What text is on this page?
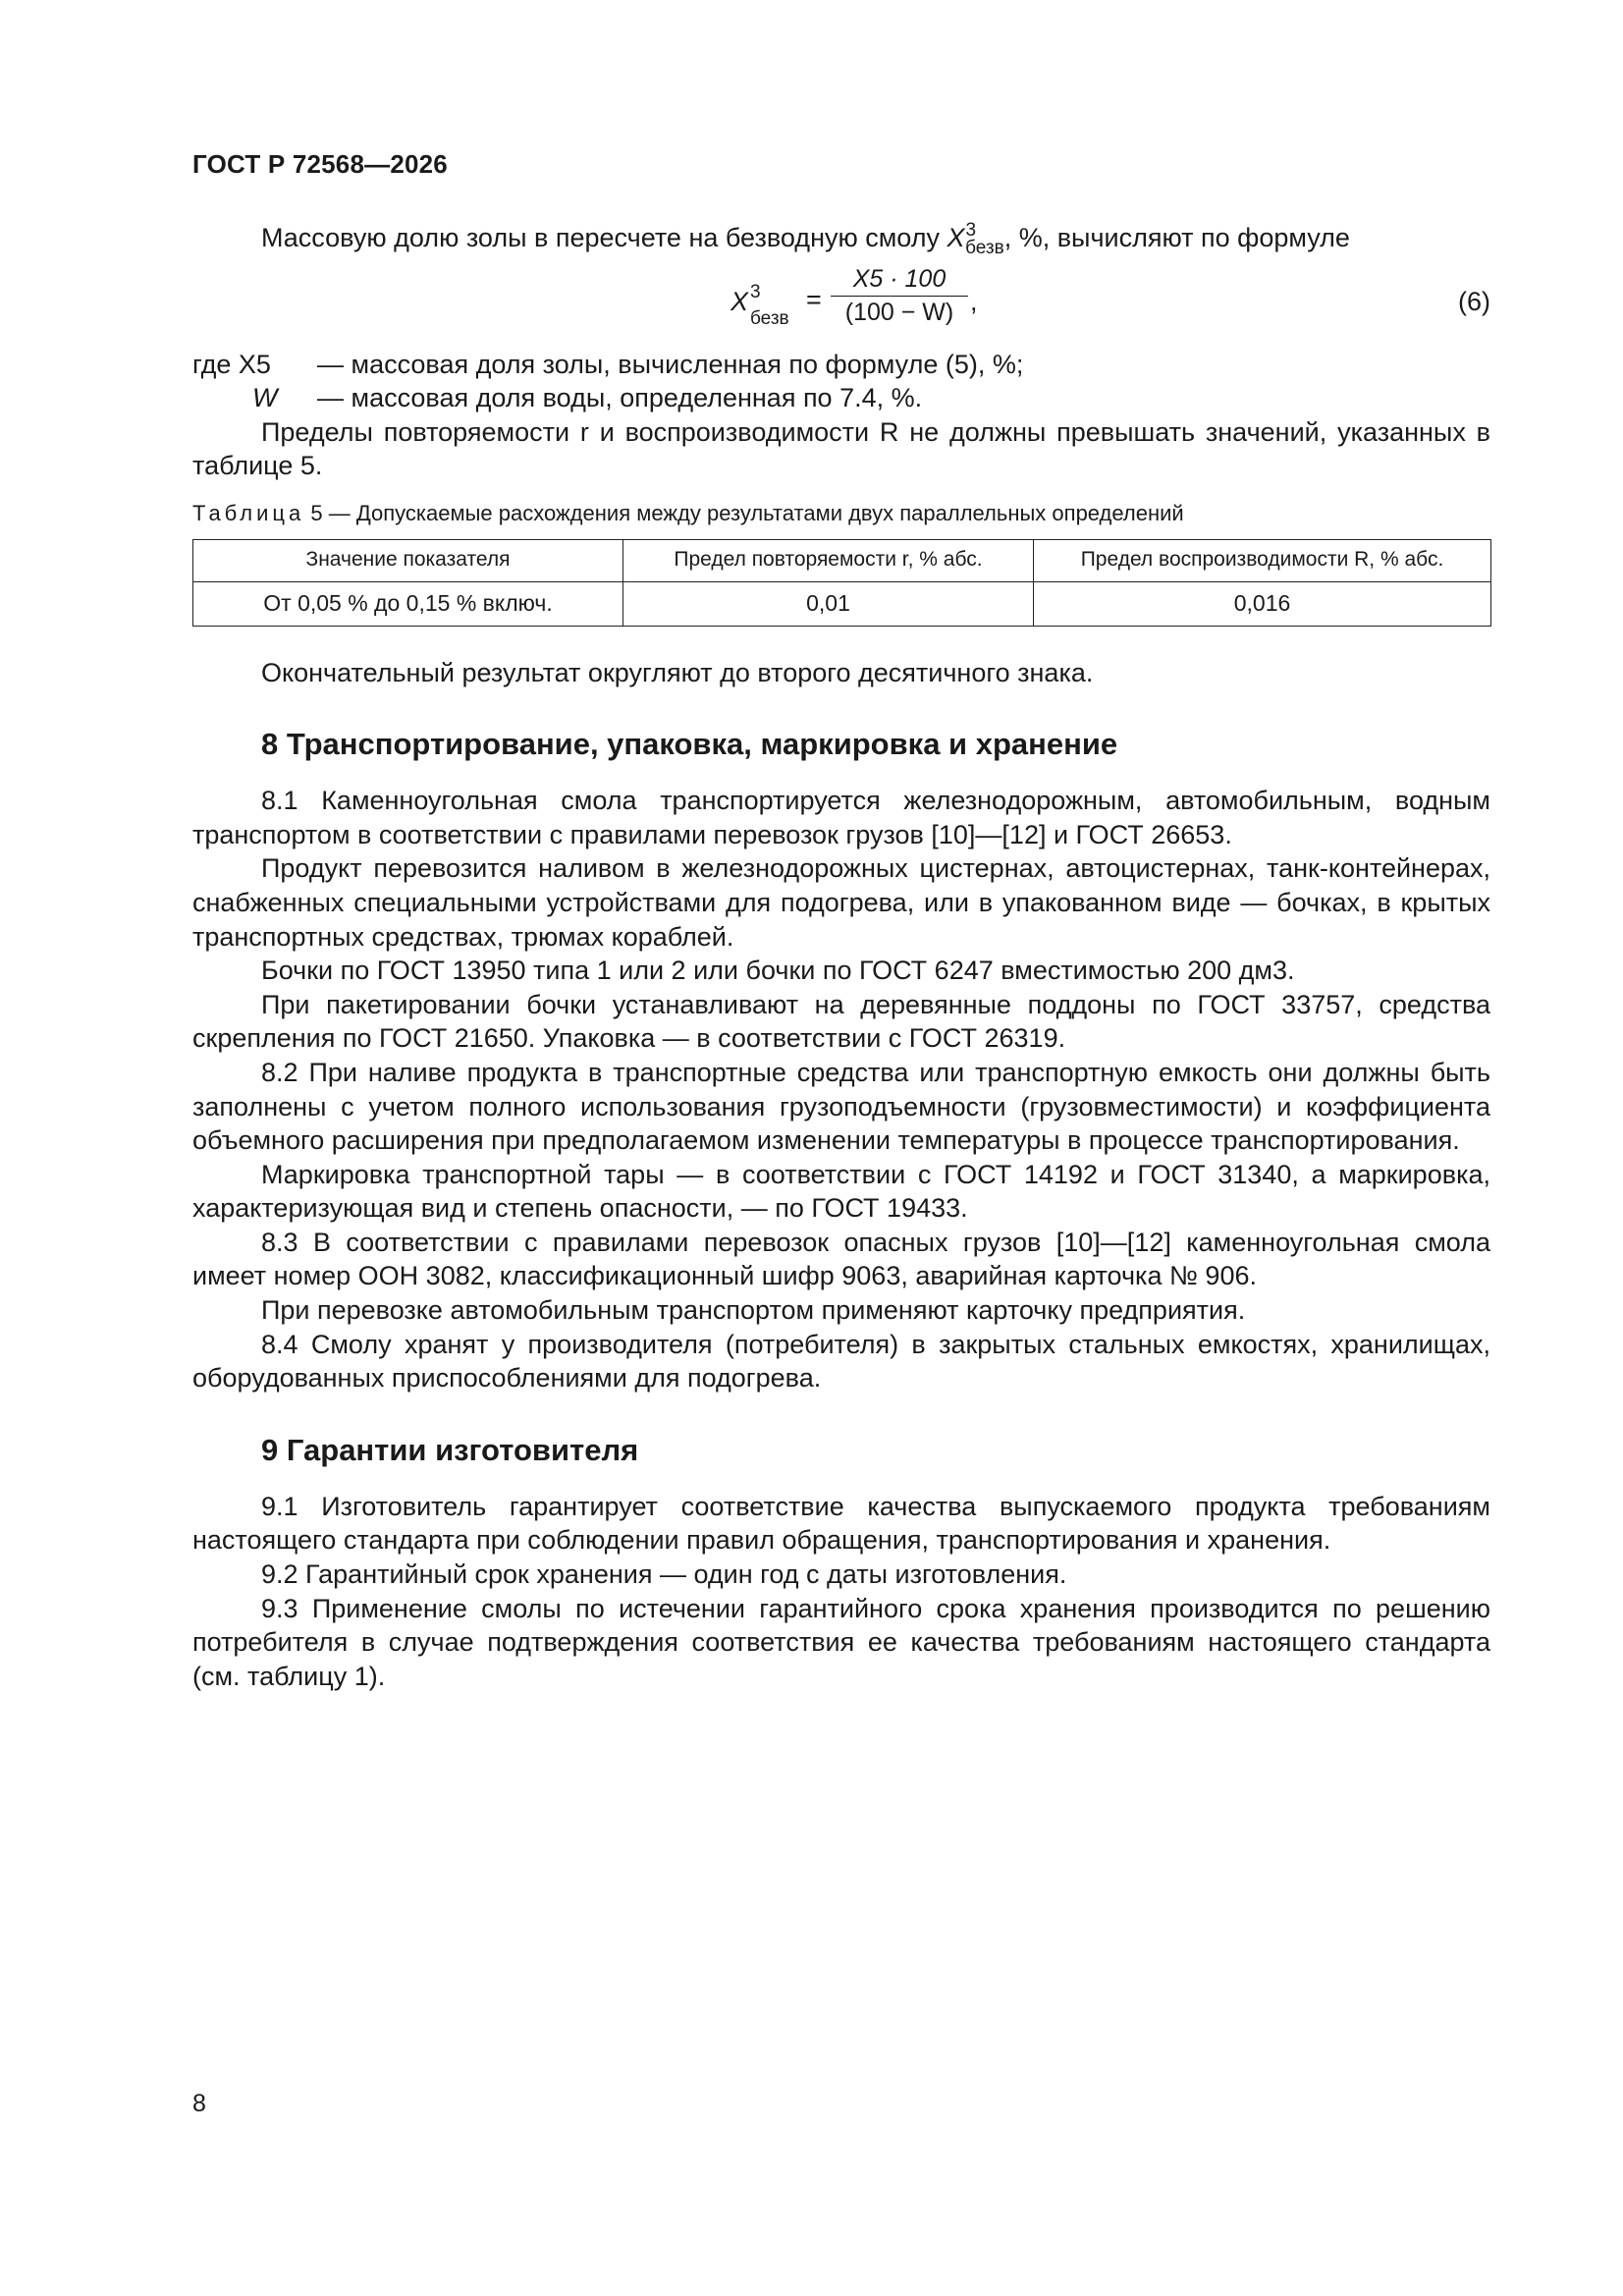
ГОСТ Р 72568—2026

Массовую долю золы в пересчете на безводную смолу $X^3_{безв}$, %, вычисляют по формуле

X 3
безв
=
X5 · 100
(100 − W) ,	(6)
где X5 — массовая доля золы, вычисленная по формуле (5), %;
W — массовая доля воды, определенная по 7.4, %.

Пределы повторяемости r и воспроизводимости R не должны превышать значений, указанных в таблице 5.

Таблица 5 — Допускаемые расхождения между результатами двух параллельных определений
Значение показателя	Предел повторяемости r, % абс.	Предел воспроизводимости R, % абс.
От 0,05 % до 0,15 % включ.	0,01	0,016

Окончательный результат округляют до второго десятичного знака.

8 Транспортирование, упаковка, маркировка и хранение

8.1 Каменноугольная смола транспортируется железнодорожным, автомобильным, водным транспортом в соответствии с правилами перевозок грузов [10]—[12] и ГОСТ 26653.

Продукт перевозится наливом в железнодорожных цистернах, автоцистернах, танк-контейнерах, снабженных специальными устройствами для подогрева, или в упакованном виде — бочках, в крытых транспортных средствах, трюмах кораблей.

Бочки по ГОСТ 13950 типа 1 или 2 или бочки по ГОСТ 6247 вместимостью 200 дм3.

При пакетировании бочки устанавливают на деревянные поддоны по ГОСТ 33757, средства скрепления по ГОСТ 21650. Упаковка — в соответствии с ГОСТ 26319.

8.2 При наливе продукта в транспортные средства или транспортную емкость они должны быть заполнены с учетом полного использования грузоподъемности (грузовместимости) и коэффициента объемного расширения при предполагаемом изменении температуры в процессе транспортирования.

Маркировка транспортной тары — в соответствии с ГОСТ 14192 и ГОСТ 31340, а маркировка, характеризующая вид и степень опасности, — по ГОСТ 19433.

8.3 В соответствии с правилами перевозок опасных грузов [10]—[12] каменноугольная смола имеет номер ООН 3082, классификационный шифр 9063, аварийная карточка № 906.

При перевозке автомобильным транспортом применяют карточку предприятия.

8.4 Смолу хранят у производителя (потребителя) в закрытых стальных емкостях, хранилищах, оборудованных приспособлениями для подогрева.

9 Гарантии изготовителя

9.1 Изготовитель гарантирует соответствие качества выпускаемого продукта требованиям настоящего стандарта при соблюдении правил обращения, транспортирования и хранения.

9.2 Гарантийный срок хранения — один год с даты изготовления.

9.3 Применение смолы по истечении гарантийного срока хранения производится по решению потребителя в случае подтверждения соответствия ее качества требованиям настоящего стандарта (см. таблицу 1).

8
